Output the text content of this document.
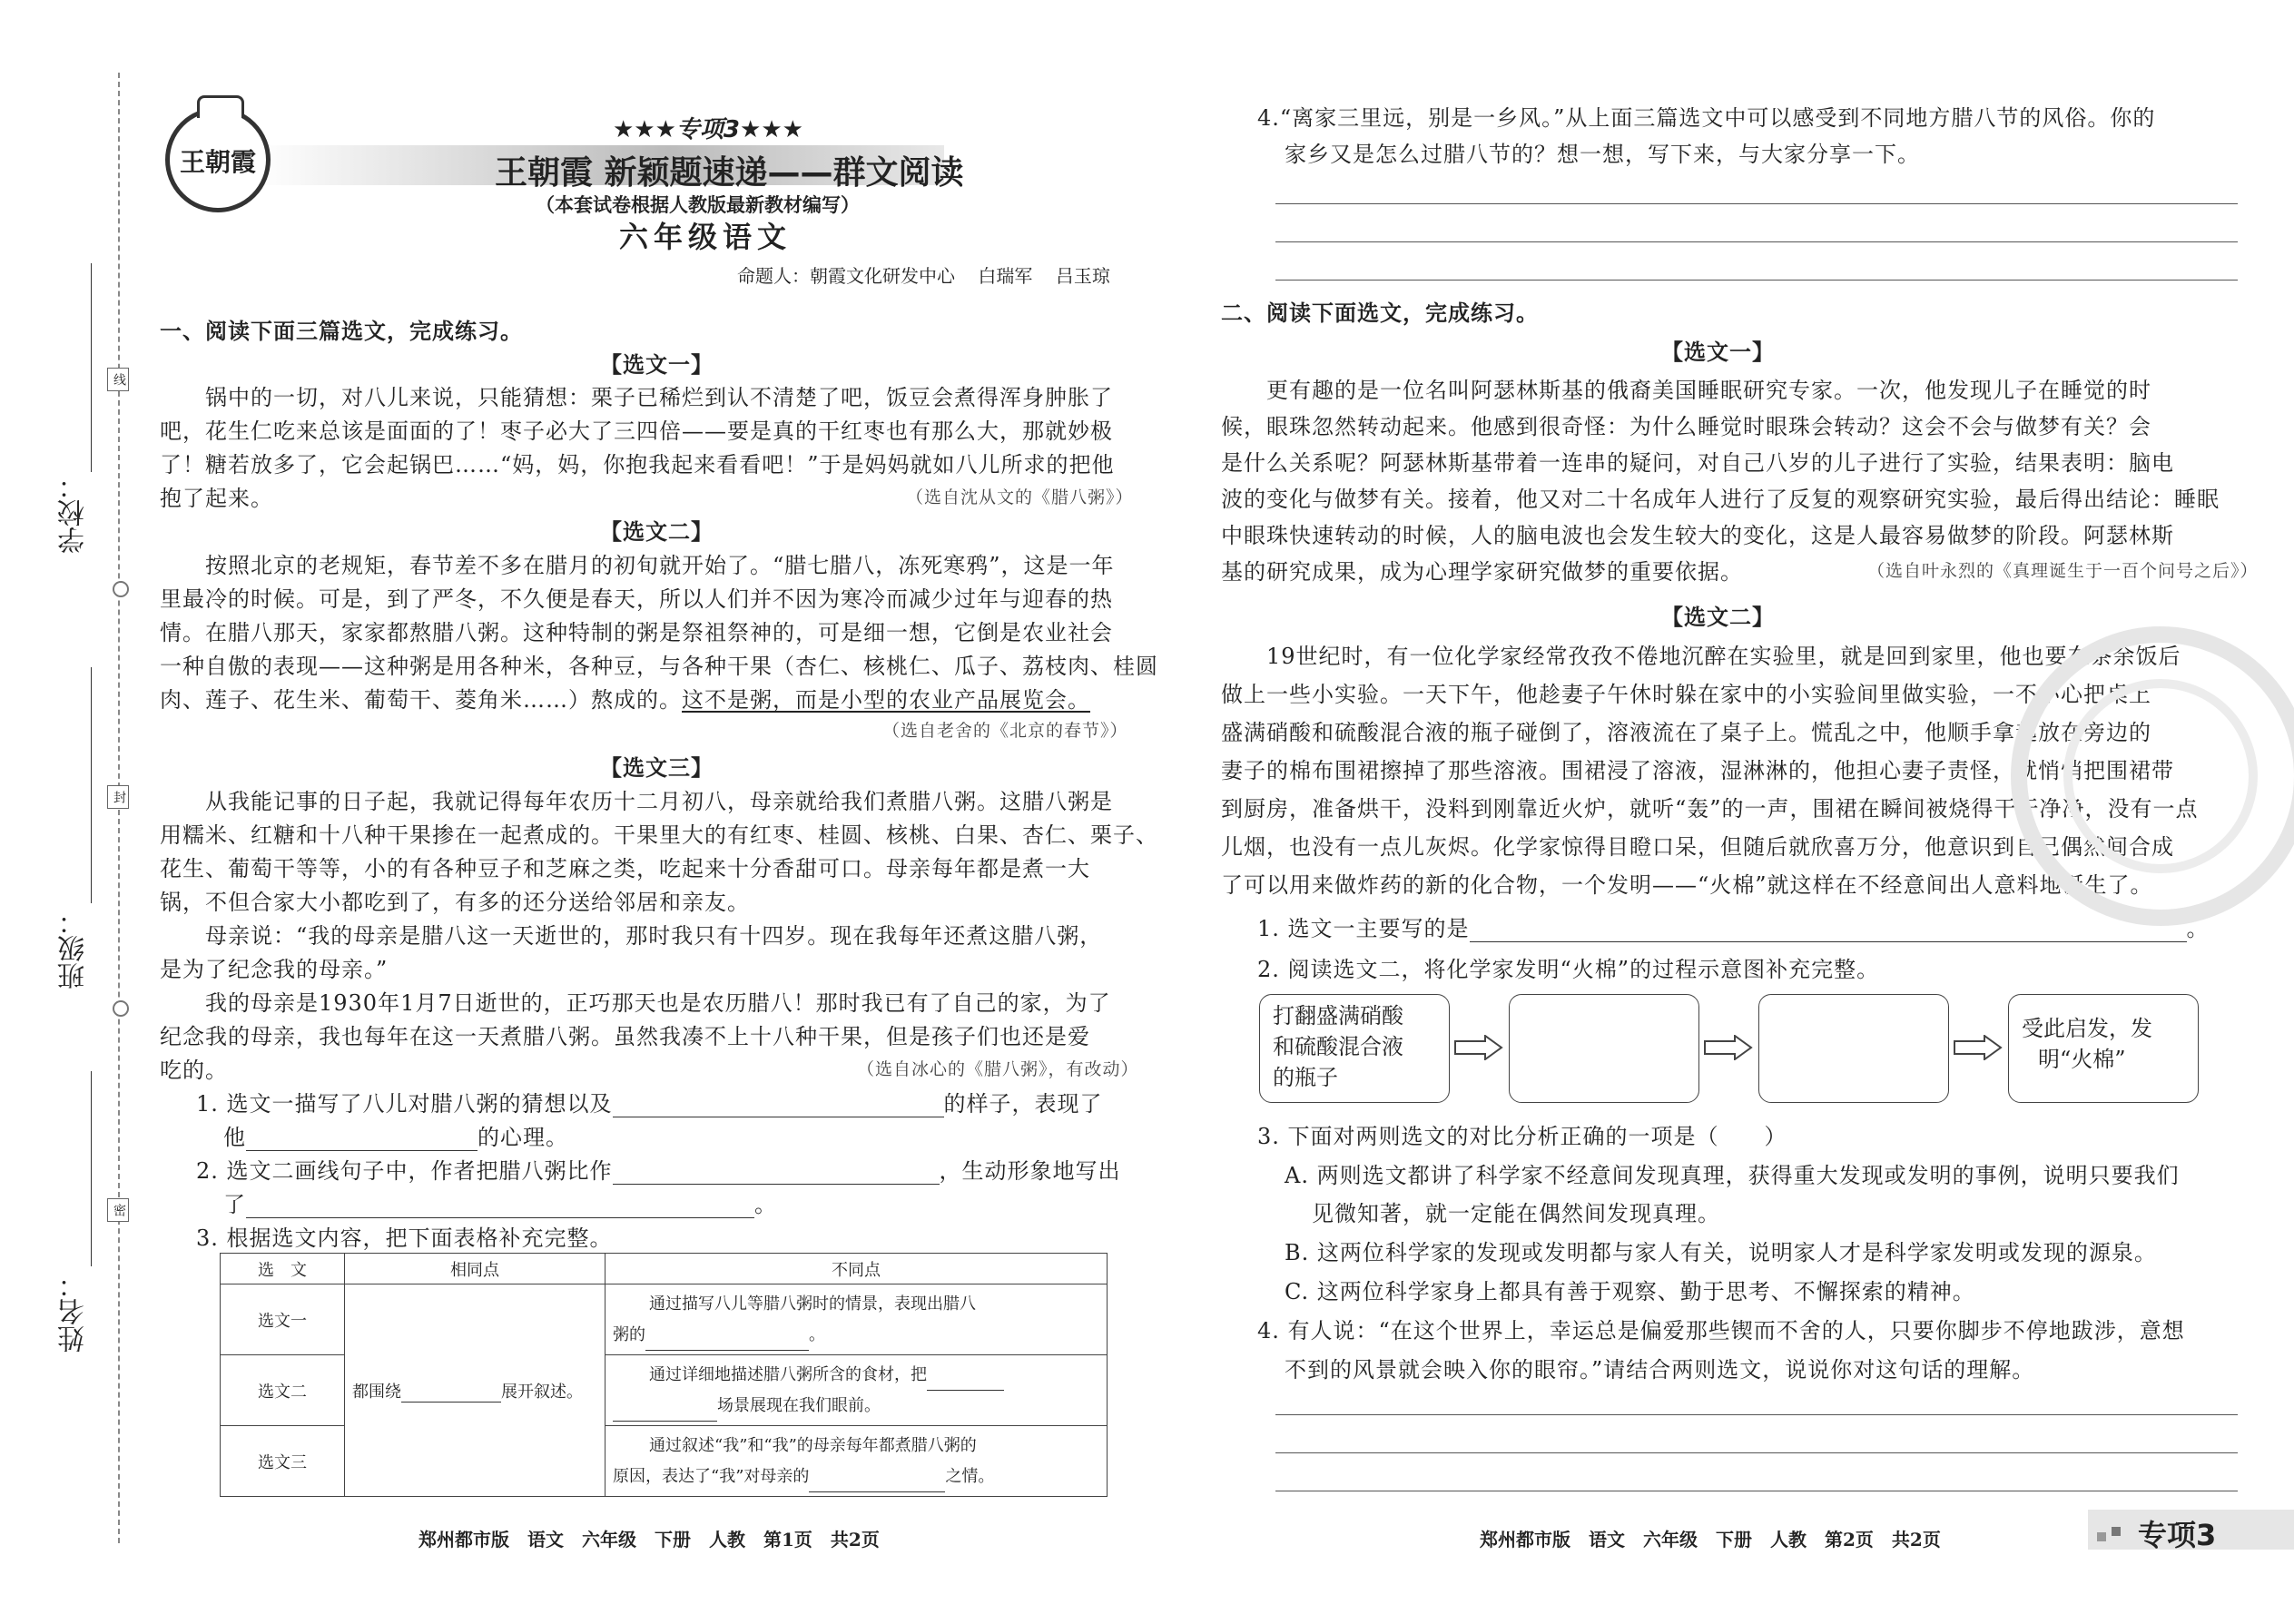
学校：
班级：
姓名：
线
封
密
王朝霞
★★★专项3★★★
王朝霞 新颖题速递——群文阅读
（本套试卷根据人教版最新教材编写）
六年级语文
命题人：朝霞文化研发中心    白瑞军    吕玉琼
一、阅读下面三篇选文，完成练习。
【选文一】
锅中的一切，对八儿来说，只能猜想：栗子已稀烂到认不清楚了吧，饭豆会煮得浑身肿胀了
吧，花生仁吃来总该是面面的了！枣子必大了三四倍——要是真的干红枣也有那么大，那就妙极
了！糖若放多了，它会起锅巴……“妈，妈，你抱我起来看看吧！”于是妈妈就如八儿所求的把他
抱了起来。	（选自沈从文的《腊八粥》）
【选文二】
按照北京的老规矩，春节差不多在腊月的初旬就开始了。“腊七腊八，冻死寒鸦”，这是一年
里最冷的时候。可是，到了严冬，不久便是春天，所以人们并不因为寒冷而减少过年与迎春的热
情。在腊八那天，家家都熬腊八粥。这种特制的粥是祭祖祭神的，可是细一想，它倒是农业社会
一种自傲的表现——这种粥是用各种米，各种豆，与各种干果（杏仁、核桃仁、瓜子、荔枝肉、桂圆
肉、莲子、花生米、葡萄干、菱角米……）熬成的。这不是粥，而是小型的农业产品展览会。
（选自老舍的《北京的春节》）
【选文三】
从我能记事的日子起，我就记得每年农历十二月初八，母亲就给我们煮腊八粥。这腊八粥是
用糯米、红糖和十八种干果掺在一起煮成的。干果里大的有红枣、桂圆、核桃、白果、杏仁、栗子、
花生、葡萄干等等，小的有各种豆子和芝麻之类，吃起来十分香甜可口。母亲每年都是煮一大
锅，不但合家大小都吃到了，有多的还分送给邻居和亲友。
母亲说：“我的母亲是腊八这一天逝世的，那时我只有十四岁。现在我每年还煮这腊八粥，
是为了纪念我的母亲。”
我的母亲是1930年1月7日逝世的，正巧那天也是农历腊八！那时我已有了自己的家，为了
纪念我的母亲，我也每年在这一天煮腊八粥。虽然我凑不上十八种干果，但是孩子们也还是爱
吃的。	（选自冰心的《腊八粥》，有改动）
1. 选文一描写了八儿对腊八粥的猜想以及	的样子，表现了
他	的心理。
2. 选文二画线句子中，作者把腊八粥比作	，生动形象地写出
了	。
3. 根据选文内容，把下面表格补充完整。
选　文	相同点	不同点
选文一	都围绕 展开叙述。	通过描写八儿等腊八粥时的情景，表现出腊八
粥的 。

选文二		通过详细地描述腊八粥所含的食材，把
场景展现在我们眼前。

选文三		通过叙述“我”和“我”的母亲每年都煮腊八粥的
原因，表达了“我”对母亲的 之情。
郑州都市版　语文　六年级　下册　人教　第1页　共2页
4.“离家三里远，别是一乡风。”从上面三篇选文中可以感受到不同地方腊八节的风俗。你的
家乡又是怎么过腊八节的？想一想，写下来，与大家分享一下。
二、阅读下面选文，完成练习。
【选文一】
更有趣的是一位名叫阿瑟林斯基的俄裔美国睡眠研究专家。一次，他发现儿子在睡觉的时
候，眼珠忽然转动起来。他感到很奇怪：为什么睡觉时眼珠会转动？这会不会与做梦有关？会
是什么关系呢？阿瑟林斯基带着一连串的疑问，对自己八岁的儿子进行了实验，结果表明：脑电
波的变化与做梦有关。接着，他又对二十名成年人进行了反复的观察研究实验，最后得出结论：睡眠
中眼珠快速转动的时候，人的脑电波也会发生较大的变化，这是人最容易做梦的阶段。阿瑟林斯
基的研究成果，成为心理学家研究做梦的重要依据。	（选自叶永烈的《真理诞生于一百个问号之后》）
【选文二】
19世纪时，有一位化学家经常孜孜不倦地沉醉在实验里，就是回到家里，他也要在茶余饭后
做上一些小实验。一天下午，他趁妻子午休时躲在家中的小实验间里做实验，一不小心把桌上
盛满硝酸和硫酸混合液的瓶子碰倒了，溶液流在了桌子上。慌乱之中，他顺手拿起放在旁边的
妻子的棉布围裙擦掉了那些溶液。围裙浸了溶液，湿淋淋的，他担心妻子责怪，就悄悄把围裙带
到厨房，准备烘干，没料到刚靠近火炉，就听“轰”的一声，围裙在瞬间被烧得干干净净，没有一点
儿烟，也没有一点儿灰烬。化学家惊得目瞪口呆，但随后就欣喜万分，他意识到自己偶然间合成
了可以用来做炸药的新的化合物，一个发明——“火棉”就这样在不经意间出人意料地诞生了。
1. 选文一主要写的是	。
2. 阅读选文二，将化学家发明“火棉”的过程示意图补充完整。
打翻盛满硝酸
和硫酸混合液
的瓶子
受此启发，发
明“火棉”
3. 下面对两则选文的对比分析正确的一项是（　　）
A. 两则选文都讲了科学家不经意间发现真理，获得重大发现或发明的事例，说明只要我们
见微知著，就一定能在偶然间发现真理。
B. 这两位科学家的发现或发明都与家人有关，说明家人才是科学家发明或发现的源泉。
C. 这两位科学家身上都具有善于观察、勤于思考、不懈探索的精神。
4. 有人说：“在这个世界上，幸运总是偏爱那些锲而不舍的人，只要你脚步不停地跋涉，意想
不到的风景就会映入你的眼帘。”请结合两则选文，说说你对这句话的理解。
郑州都市版　语文　六年级　下册　人教　第2页　共2页	专项3
